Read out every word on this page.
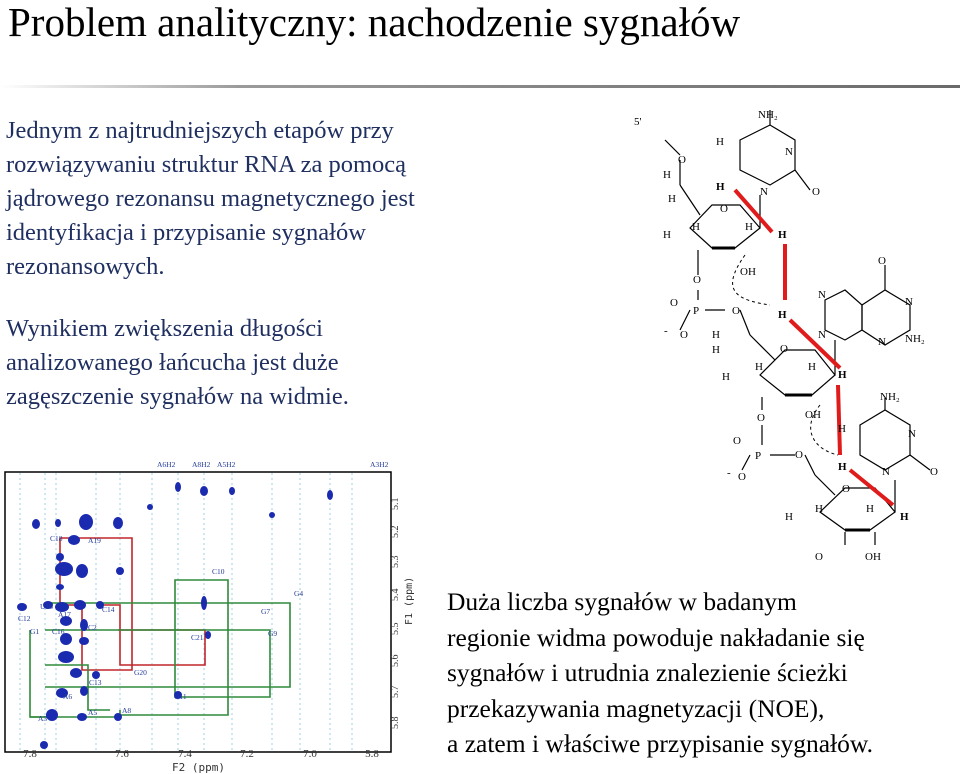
Problem analityczny: nachodzenie sygnałów

Jednym z najtrudniejszych etapów przy
rozwiązywaniu struktur RNA za pomocą
jądrowego rezonansu magnetycznego jest
identyfikacja i przypisanie sygnałów
rezonansowych.

Wynikiem zwiększenia długości
analizowanego łańcucha jest duże
zagęszczenie sygnałów na widmie.

Duża liczba sygnałów w badanym
regionie widma powoduje nakładanie się
sygnałów i utrudnia znalezienie ścieżki
przekazywania magnetyzacji (NOE),
a zatem i właściwe przypisanie sygnałów.

A6H2 A8H2 A5H2	A3H2
C18	A19
C10
G4
U16
A17
C14
C12
G7
G1 C16	C2
C21	G9
G20
C13
A6	G11
A5	A8
A3
7.8	7.6	7.4	7.2	7.0	5.8
F2 (ppm)
5.1
5.2
5.3
5.4
5.5
5.6
5.7
5.8
F1 (ppm)
5'
NH₂
NH₂
NH₂
OH
OH
OH
H
H
H
H
H
H	H
H
H
H
H
H	H
H
H
H
H
H
H	H
H
N
N
N
N
N
N
N
N
O
O
O
O
O
O
O
O
O
O
O
O
O
O
O
O
P
P
-
-
